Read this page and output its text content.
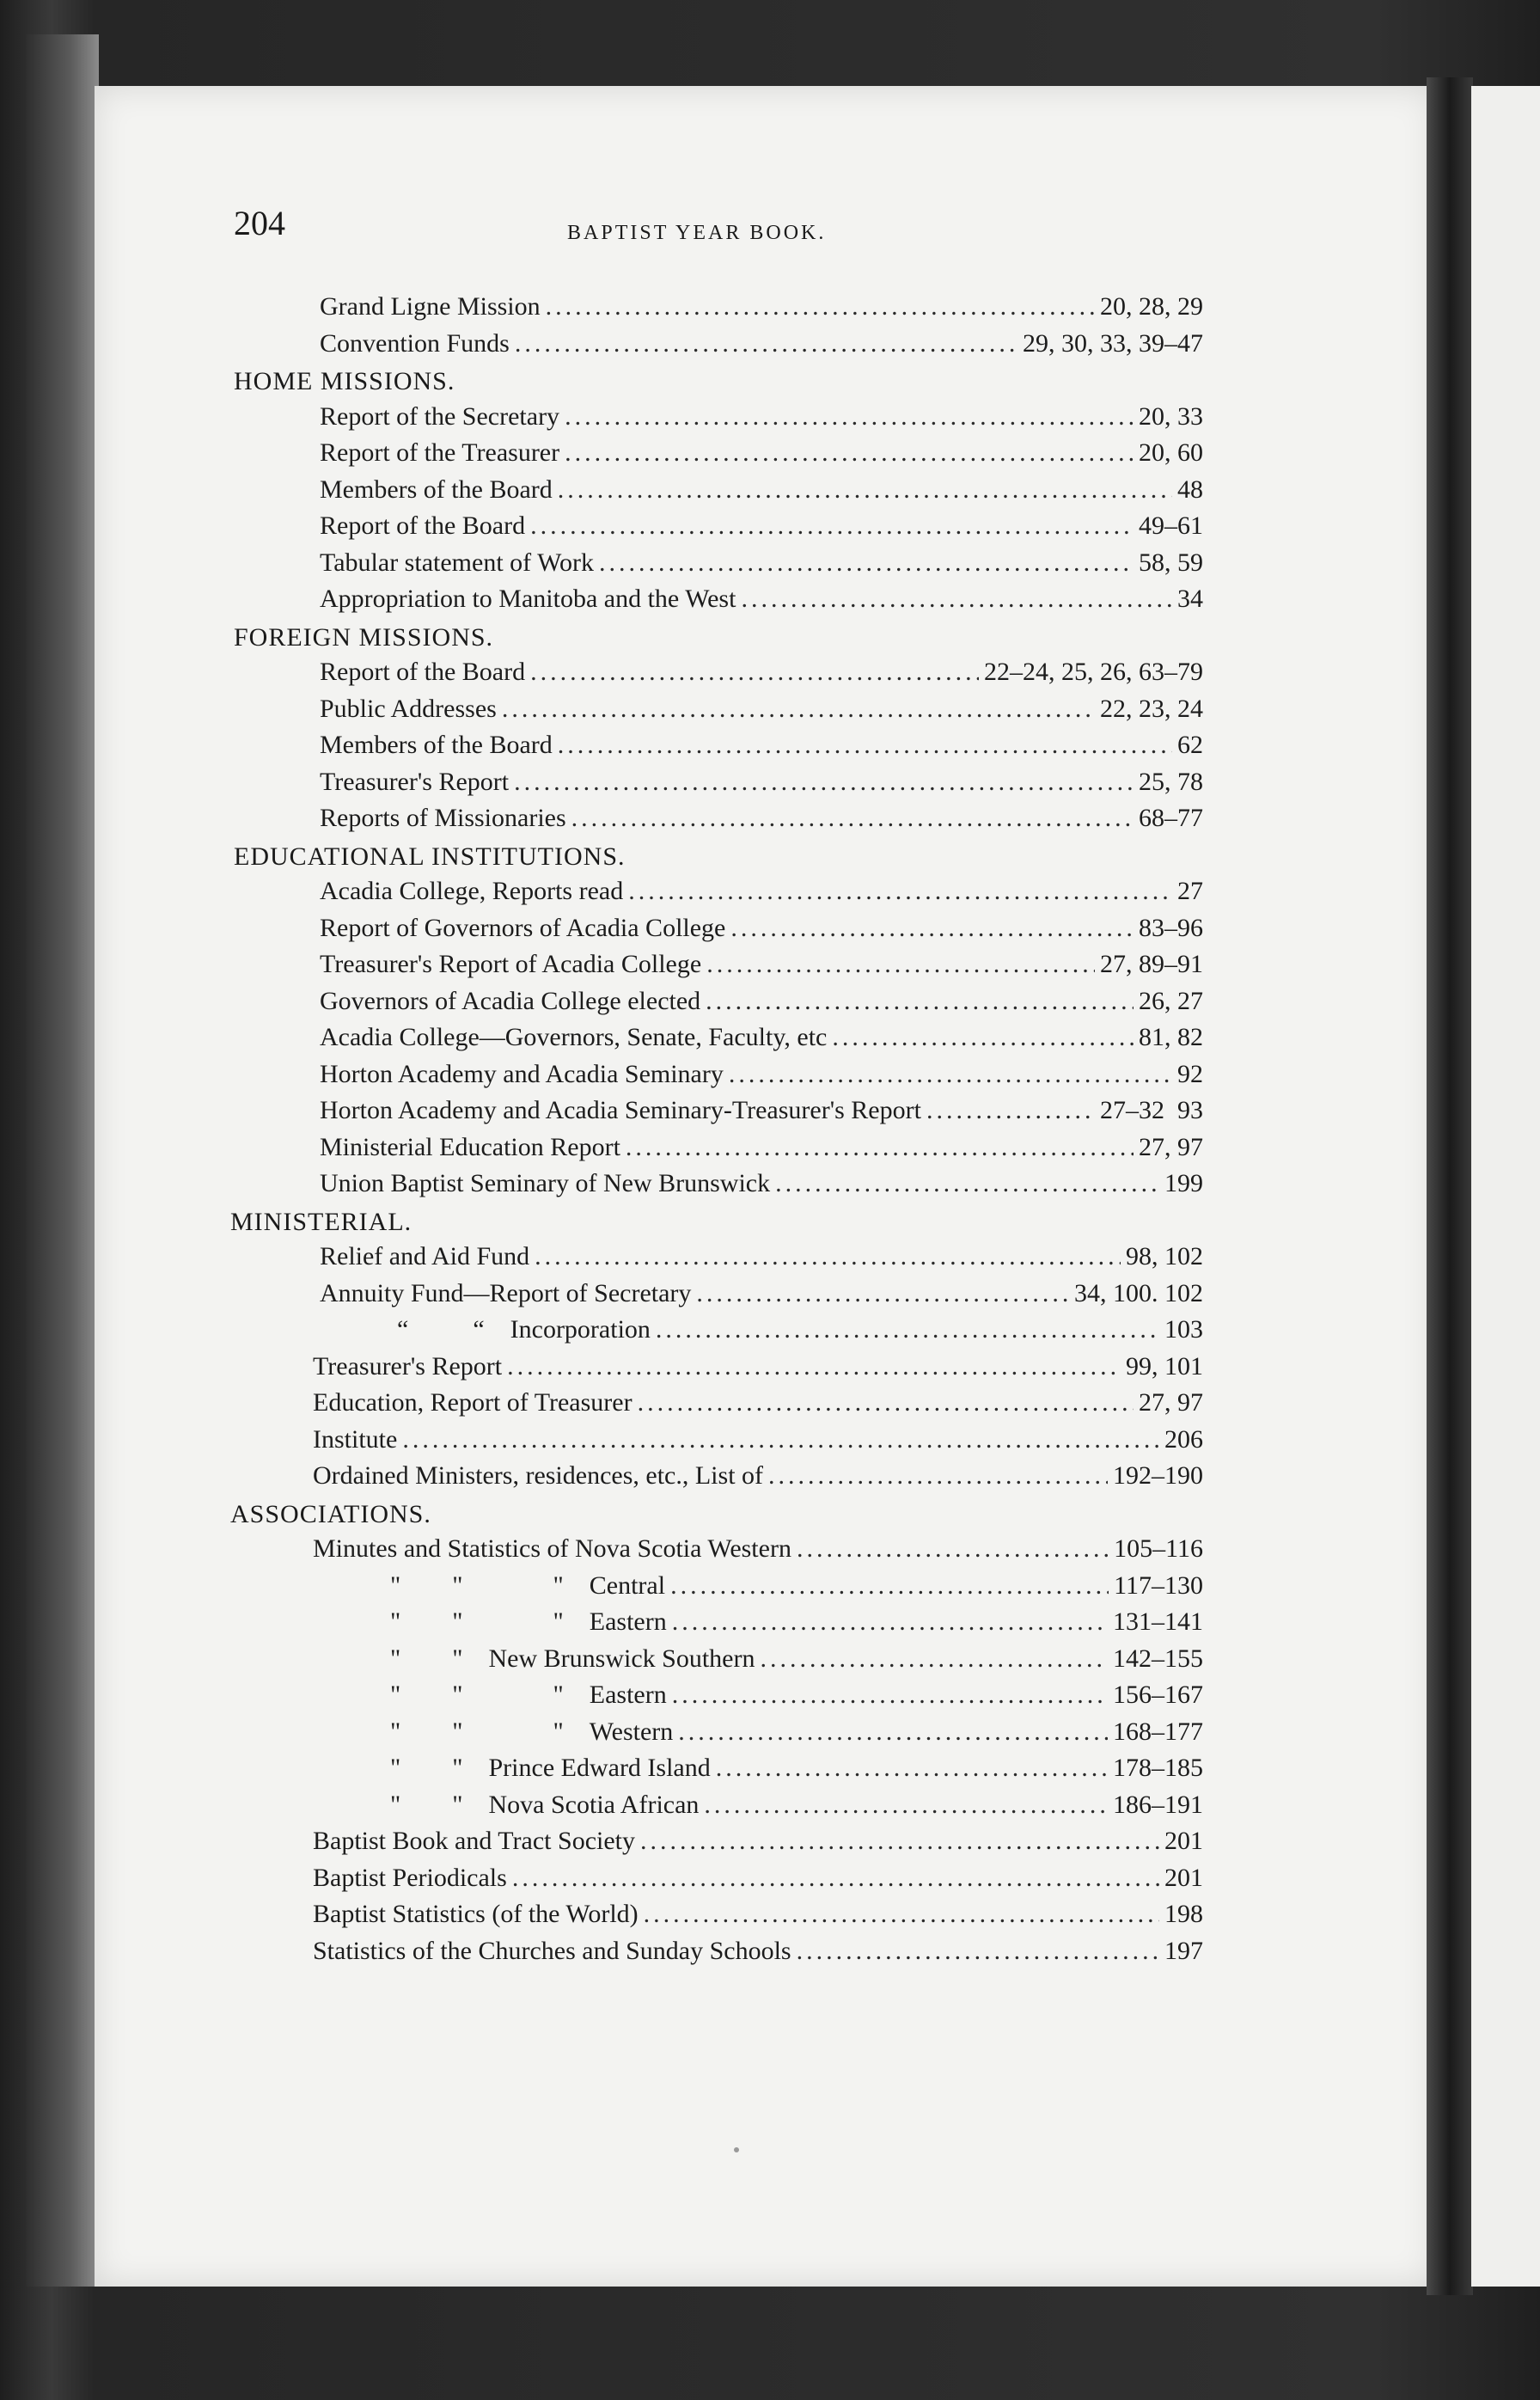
204	BAPTIST YEAR BOOK.
Grand Ligne Mission .....	20, 28, 29
Convention Funds .....	29, 30, 33, 39–47
HOME MISSIONS.
Report of the Secretary .....	20, 33
Report of the Treasurer .....	20, 60
Members of the Board .....	48
Report of the Board .....	49–61
Tabular statement of Work .....	58, 59
Appropriation to Manitoba and the West .....	34
FOREIGN MISSIONS.
Report of the Board .....	22–24, 25, 26, 63–79
Public Addresses .....	22, 23, 24
Members of the Board .....	62
Treasurer's Report .....	25, 78
Reports of Missionaries .....	68–77
EDUCATIONAL INSTITUTIONS.
Acadia College, Reports read .....	27
Report of Governors of Acadia College .....	83–96
Treasurer's Report of Acadia College .....	27, 89–91
Governors of Acadia College elected .....	26, 27
Acadia College—Governors, Senate, Faculty, etc .....	81, 82
Horton Academy and Acadia Seminary .....	92
Horton Academy and Acadia Seminary-Treasurer's Report .....	27–32  93
Ministerial Education Report .....	27, 97
Union Baptist Seminary of New Brunswick .....	199
MINISTERIAL.
Relief and Aid Fund .....	98, 102
Annuity Fund—Report of Secretary .....	34, 100. 102
“          “ Incorporation .....	103
Treasurer's Report .....	99, 101
Education, Report of Treasurer .....	27, 97
Institute .....	206
Ordained Ministers, residences, etc., List of .....	192–190
ASSOCIATIONS.
Minutes and Statistics of Nova Scotia Western .....	105–116
"        "              " Central .....	117–130
"        "              " Eastern .....	131–141
"        " New Brunswick Southern .....	142–155
"        "              " Eastern .....	156–167
"        "              " Western .....	168–177
"        " Prince Edward Island .....	178–185
"        " Nova Scotia African .....	186–191
Baptist Book and Tract Society .....	201
Baptist Periodicals .....	201
Baptist Statistics (of the World) .....	198
Statistics of the Churches and Sunday Schools .....	197
